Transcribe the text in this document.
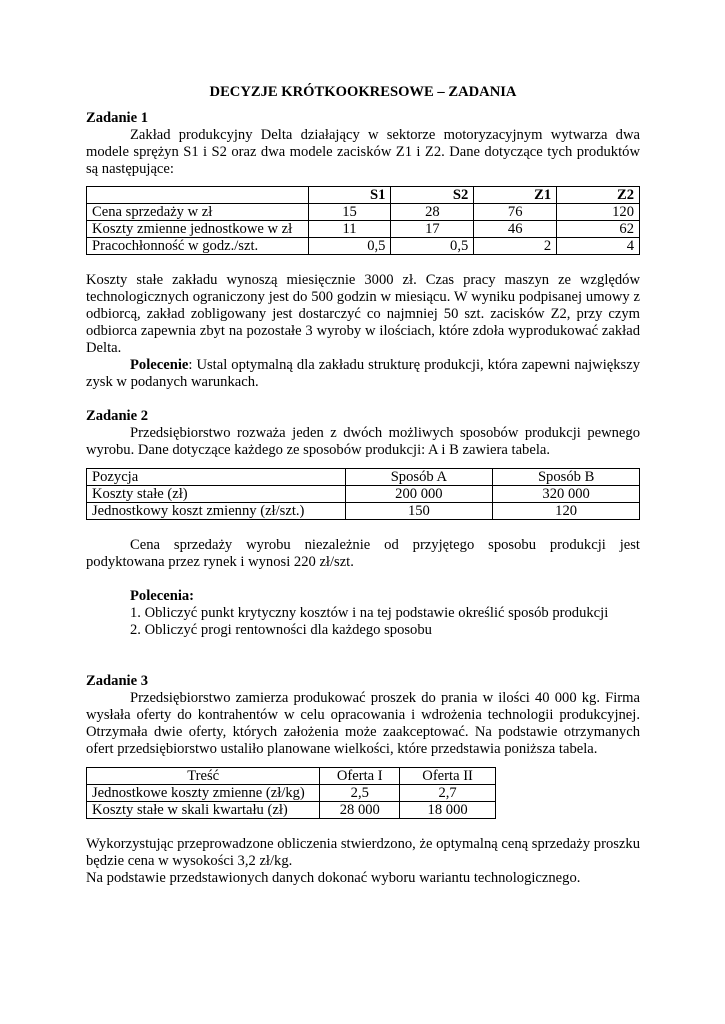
DECYZJE KRÓTKOOKRESOWE – ZADANIA

Zadanie 1

Zakład produkcyjny Delta działający w sektorze motoryzacyjnym wytwarza dwa modele sprężyn S1 i S2 oraz dwa modele zacisków Z1 i Z2. Dane dotyczące tych produktów są następujące:

	S1	S2	Z1	Z2
Cena sprzedaży w zł	15	28	76	120
Koszty zmienne jednostkowe w zł	11	17	46	62
Pracochłonność w godz./szt.	0,5	0,5	2	4

Koszty stałe zakładu wynoszą miesięcznie 3000 zł. Czas pracy maszyn ze względów technologicznych ograniczony jest do 500 godzin w miesiącu. W wyniku podpisanej umowy z odbiorcą, zakład zobligowany jest dostarczyć co najmniej 50 szt. zacisków Z2, przy czym odbiorca zapewnia zbyt na pozostałe 3 wyroby w ilościach, które zdoła wyprodukować zakład Delta.

Polecenie: Ustal optymalną dla zakładu strukturę produkcji, która zapewni największy zysk w podanych warunkach.

Zadanie 2

Przedsiębiorstwo rozważa jeden z dwóch możliwych sposobów produkcji pewnego wyrobu. Dane dotyczące każdego ze sposobów produkcji: A i B zawiera tabela.

Pozycja	Sposób A	Sposób B
Koszty stałe (zł)	200 000	320 000
Jednostkowy koszt zmienny (zł/szt.)	150	120

Cena sprzedaży wyrobu niezależnie od przyjętego sposobu produkcji jest podyktowana przez rynek i wynosi 220 zł/szt.

Polecenia:

1. Obliczyć punkt krytyczny kosztów i na tej podstawie określić sposób produkcji

2. Obliczyć progi rentowności dla każdego sposobu

Zadanie 3

Przedsiębiorstwo zamierza produkować proszek do prania w ilości 40 000 kg. Firma wysłała oferty do kontrahentów w celu opracowania i wdrożenia technologii produkcyjnej. Otrzymała dwie oferty, których założenia może zaakceptować. Na podstawie otrzymanych ofert przedsiębiorstwo ustaliło planowane wielkości, które przedstawia poniższa tabela.

Treść	Oferta I	Oferta II
Jednostkowe koszty zmienne (zł/kg)	2,5	2,7
Koszty stałe w skali kwartału (zł)	28 000	18 000

Wykorzystując przeprowadzone obliczenia stwierdzono, że optymalną ceną sprzedaży proszku będzie cena w wysokości 3,2 zł/kg.

Na podstawie przedstawionych danych dokonać wyboru wariantu technologicznego.
